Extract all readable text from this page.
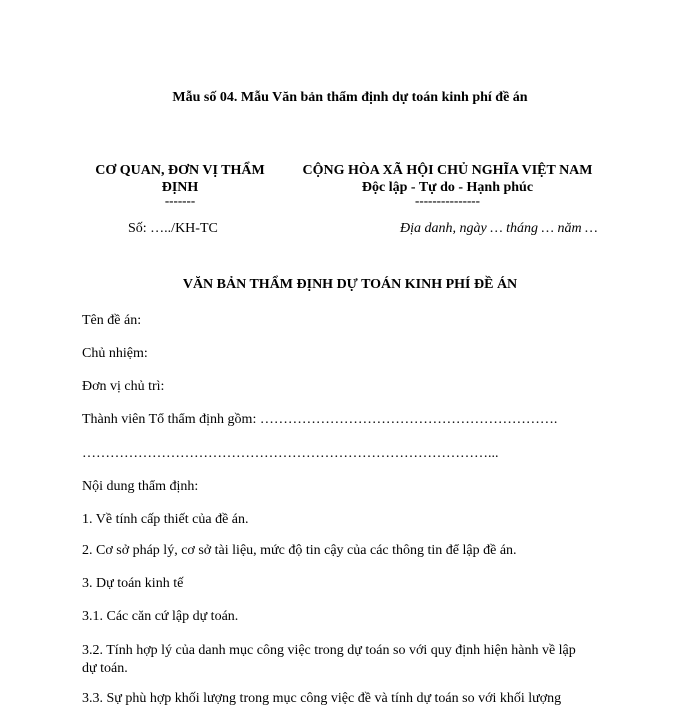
Mẫu số 04. Mẫu Văn bản thẩm định dự toán kinh phí đề án
CƠ QUAN, ĐƠN VỊ THẨM
ĐỊNH
-------
CỘNG HÒA XÃ HỘI CHỦ NGHĨA VIỆT NAM
Độc lập - Tự do - Hạnh phúc
---------------
Số: …../KH-TC	Địa danh, ngày … tháng … năm …
VĂN BẢN THẨM ĐỊNH DỰ TOÁN KINH PHÍ ĐỀ ÁN
Tên đề án:
Chủ nhiệm:
Đơn vị chủ trì:
Thành viên Tổ thẩm định gồm: ……………………………………………………….
……………………………………………………………………………...
Nội dung thẩm định:
1. Về tính cấp thiết của đề án.
2. Cơ sở pháp lý, cơ sở tài liệu, mức độ tin cậy của các thông tin để lập đề án.
3. Dự toán kinh tế
3.1. Các căn cứ lập dự toán.
3.2. Tính hợp lý của danh mục công việc trong dự toán so với quy định hiện hành về lập
dự toán.
3.3. Sự phù hợp khối lượng trong mục công việc đề và tính dự toán so với khối lượng
